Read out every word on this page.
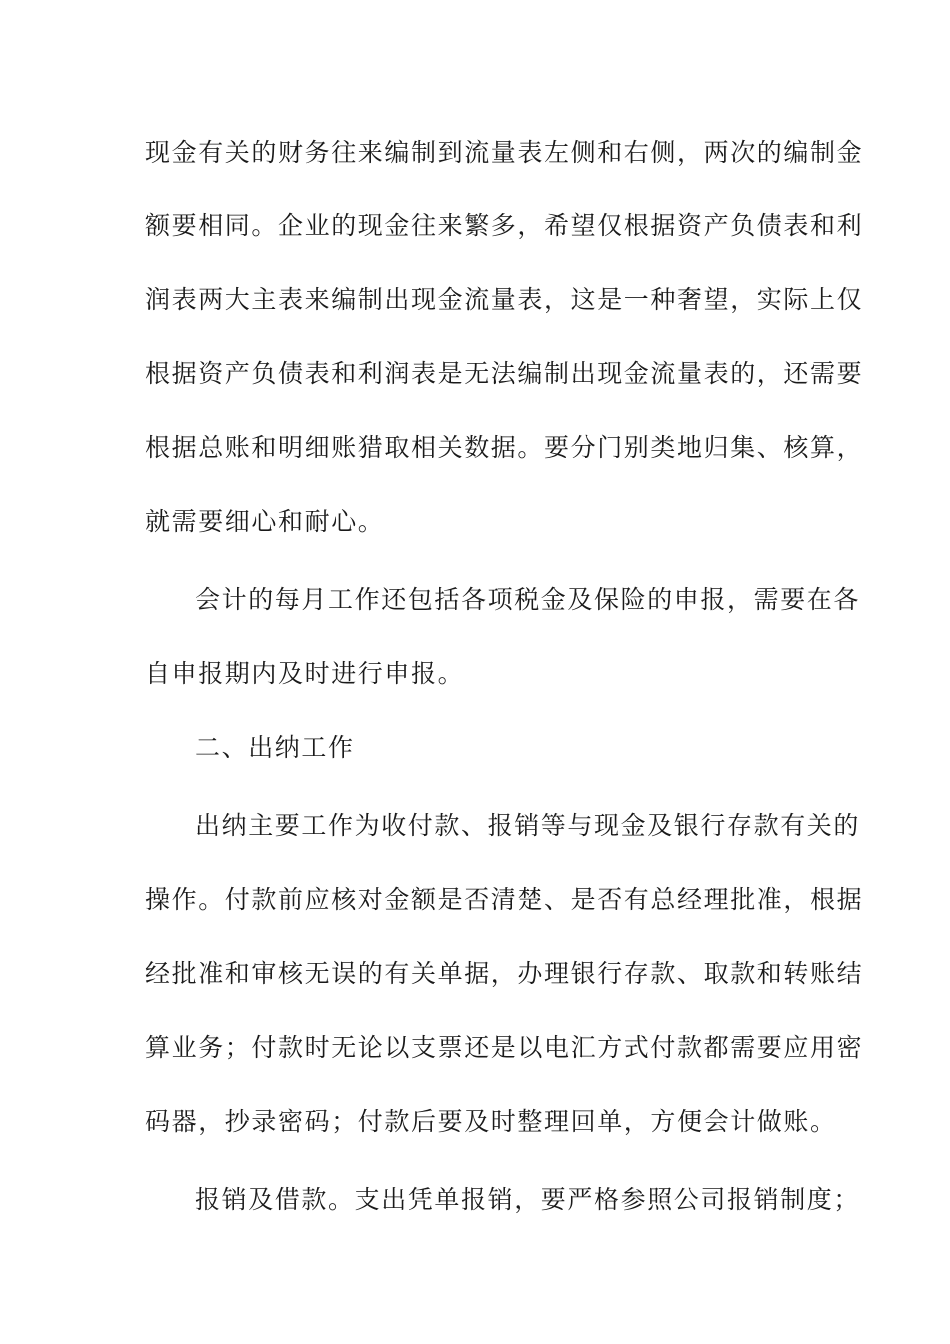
现金有关的财务往来编制到流量表左侧和右侧，两次的编制金
额要相同。企业的现金往来繁多，希望仅根据资产负债表和利
润表两大主表来编制出现金流量表，这是一种奢望，实际上仅
根据资产负债表和利润表是无法编制出现金流量表的，还需要
根据总账和明细账猎取相关数据。要分门别类地归集、核算，
就需要细心和耐心。
会计的每月工作还包括各项税金及保险的申报，需要在各
自申报期内及时进行申报。
二、出纳工作
出纳主要工作为收付款、报销等与现金及银行存款有关的
操作。付款前应核对金额是否清楚、是否有总经理批准，根据
经批准和审核无误的有关单据，办理银行存款、取款和转账结
算业务；付款时无论以支票还是以电汇方式付款都需要应用密
码器，抄录密码；付款后要及时整理回单，方便会计做账。
报销及借款。支出凭单报销，要严格参照公司报销制度；
